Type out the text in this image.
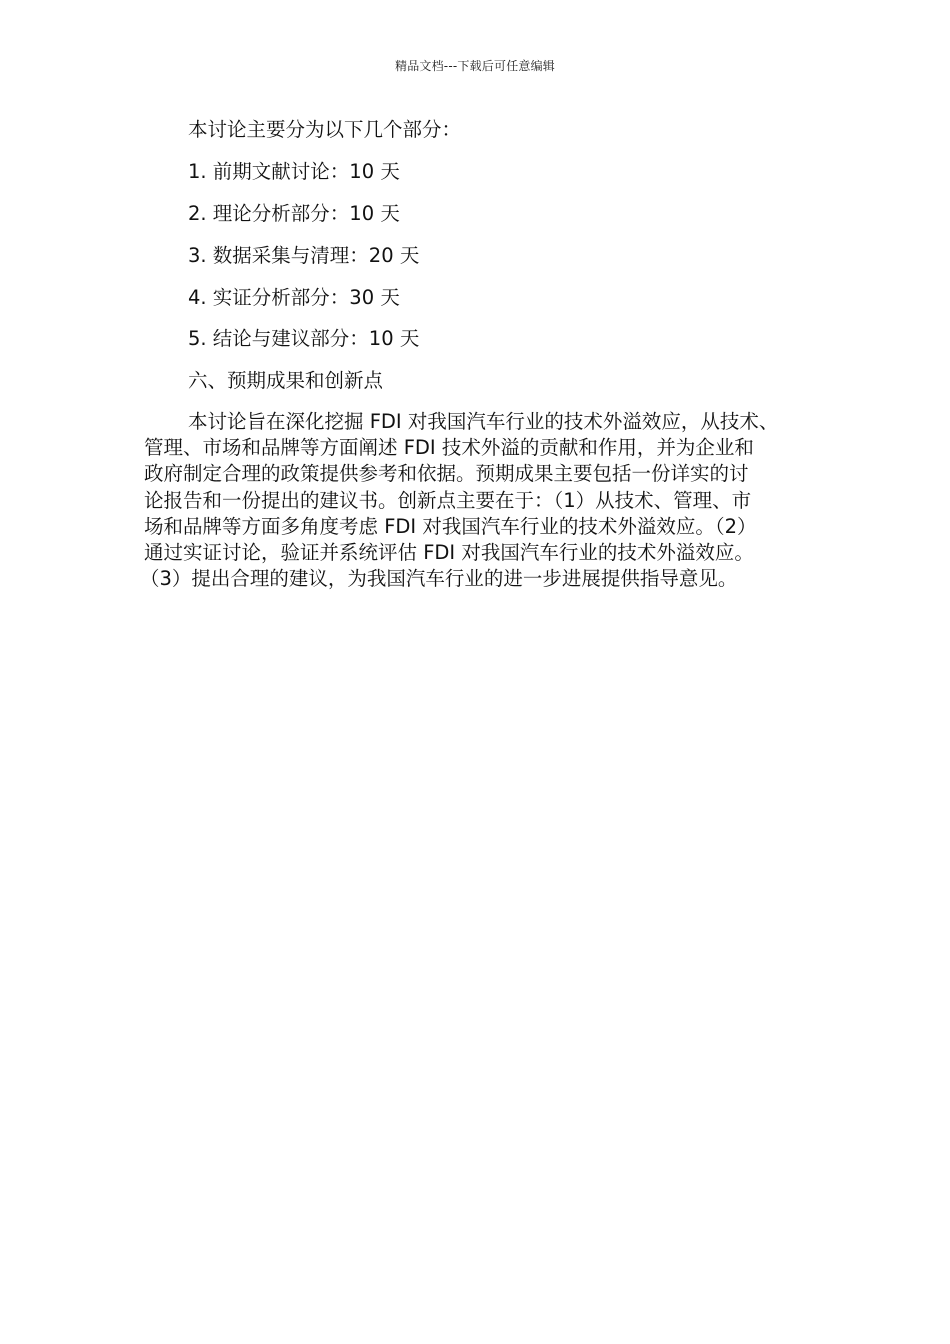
精品文档---下载后可任意编辑
本讨论主要分为以下几个部分：
1. 前期文献讨论：10 天
2. 理论分析部分：10 天
3. 数据采集与清理：20 天
4. 实证分析部分：30 天
5. 结论与建议部分：10 天
六、预期成果和创新点
本讨论旨在深化挖掘 FDI 对我国汽车行业的技术外溢效应，从技术、
管理、市场和品牌等方面阐述 FDI 技术外溢的贡献和作用，并为企业和
政府制定合理的政策提供参考和依据。预期成果主要包括一份详实的讨
论报告和一份提出的建议书。创新点主要在于：（1）从技术、管理、市
场和品牌等方面多角度考虑 FDI 对我国汽车行业的技术外溢效应。（2）
通过实证讨论，验证并系统评估 FDI 对我国汽车行业的技术外溢效应。
（3）提出合理的建议，为我国汽车行业的进一步进展提供指导意见。
